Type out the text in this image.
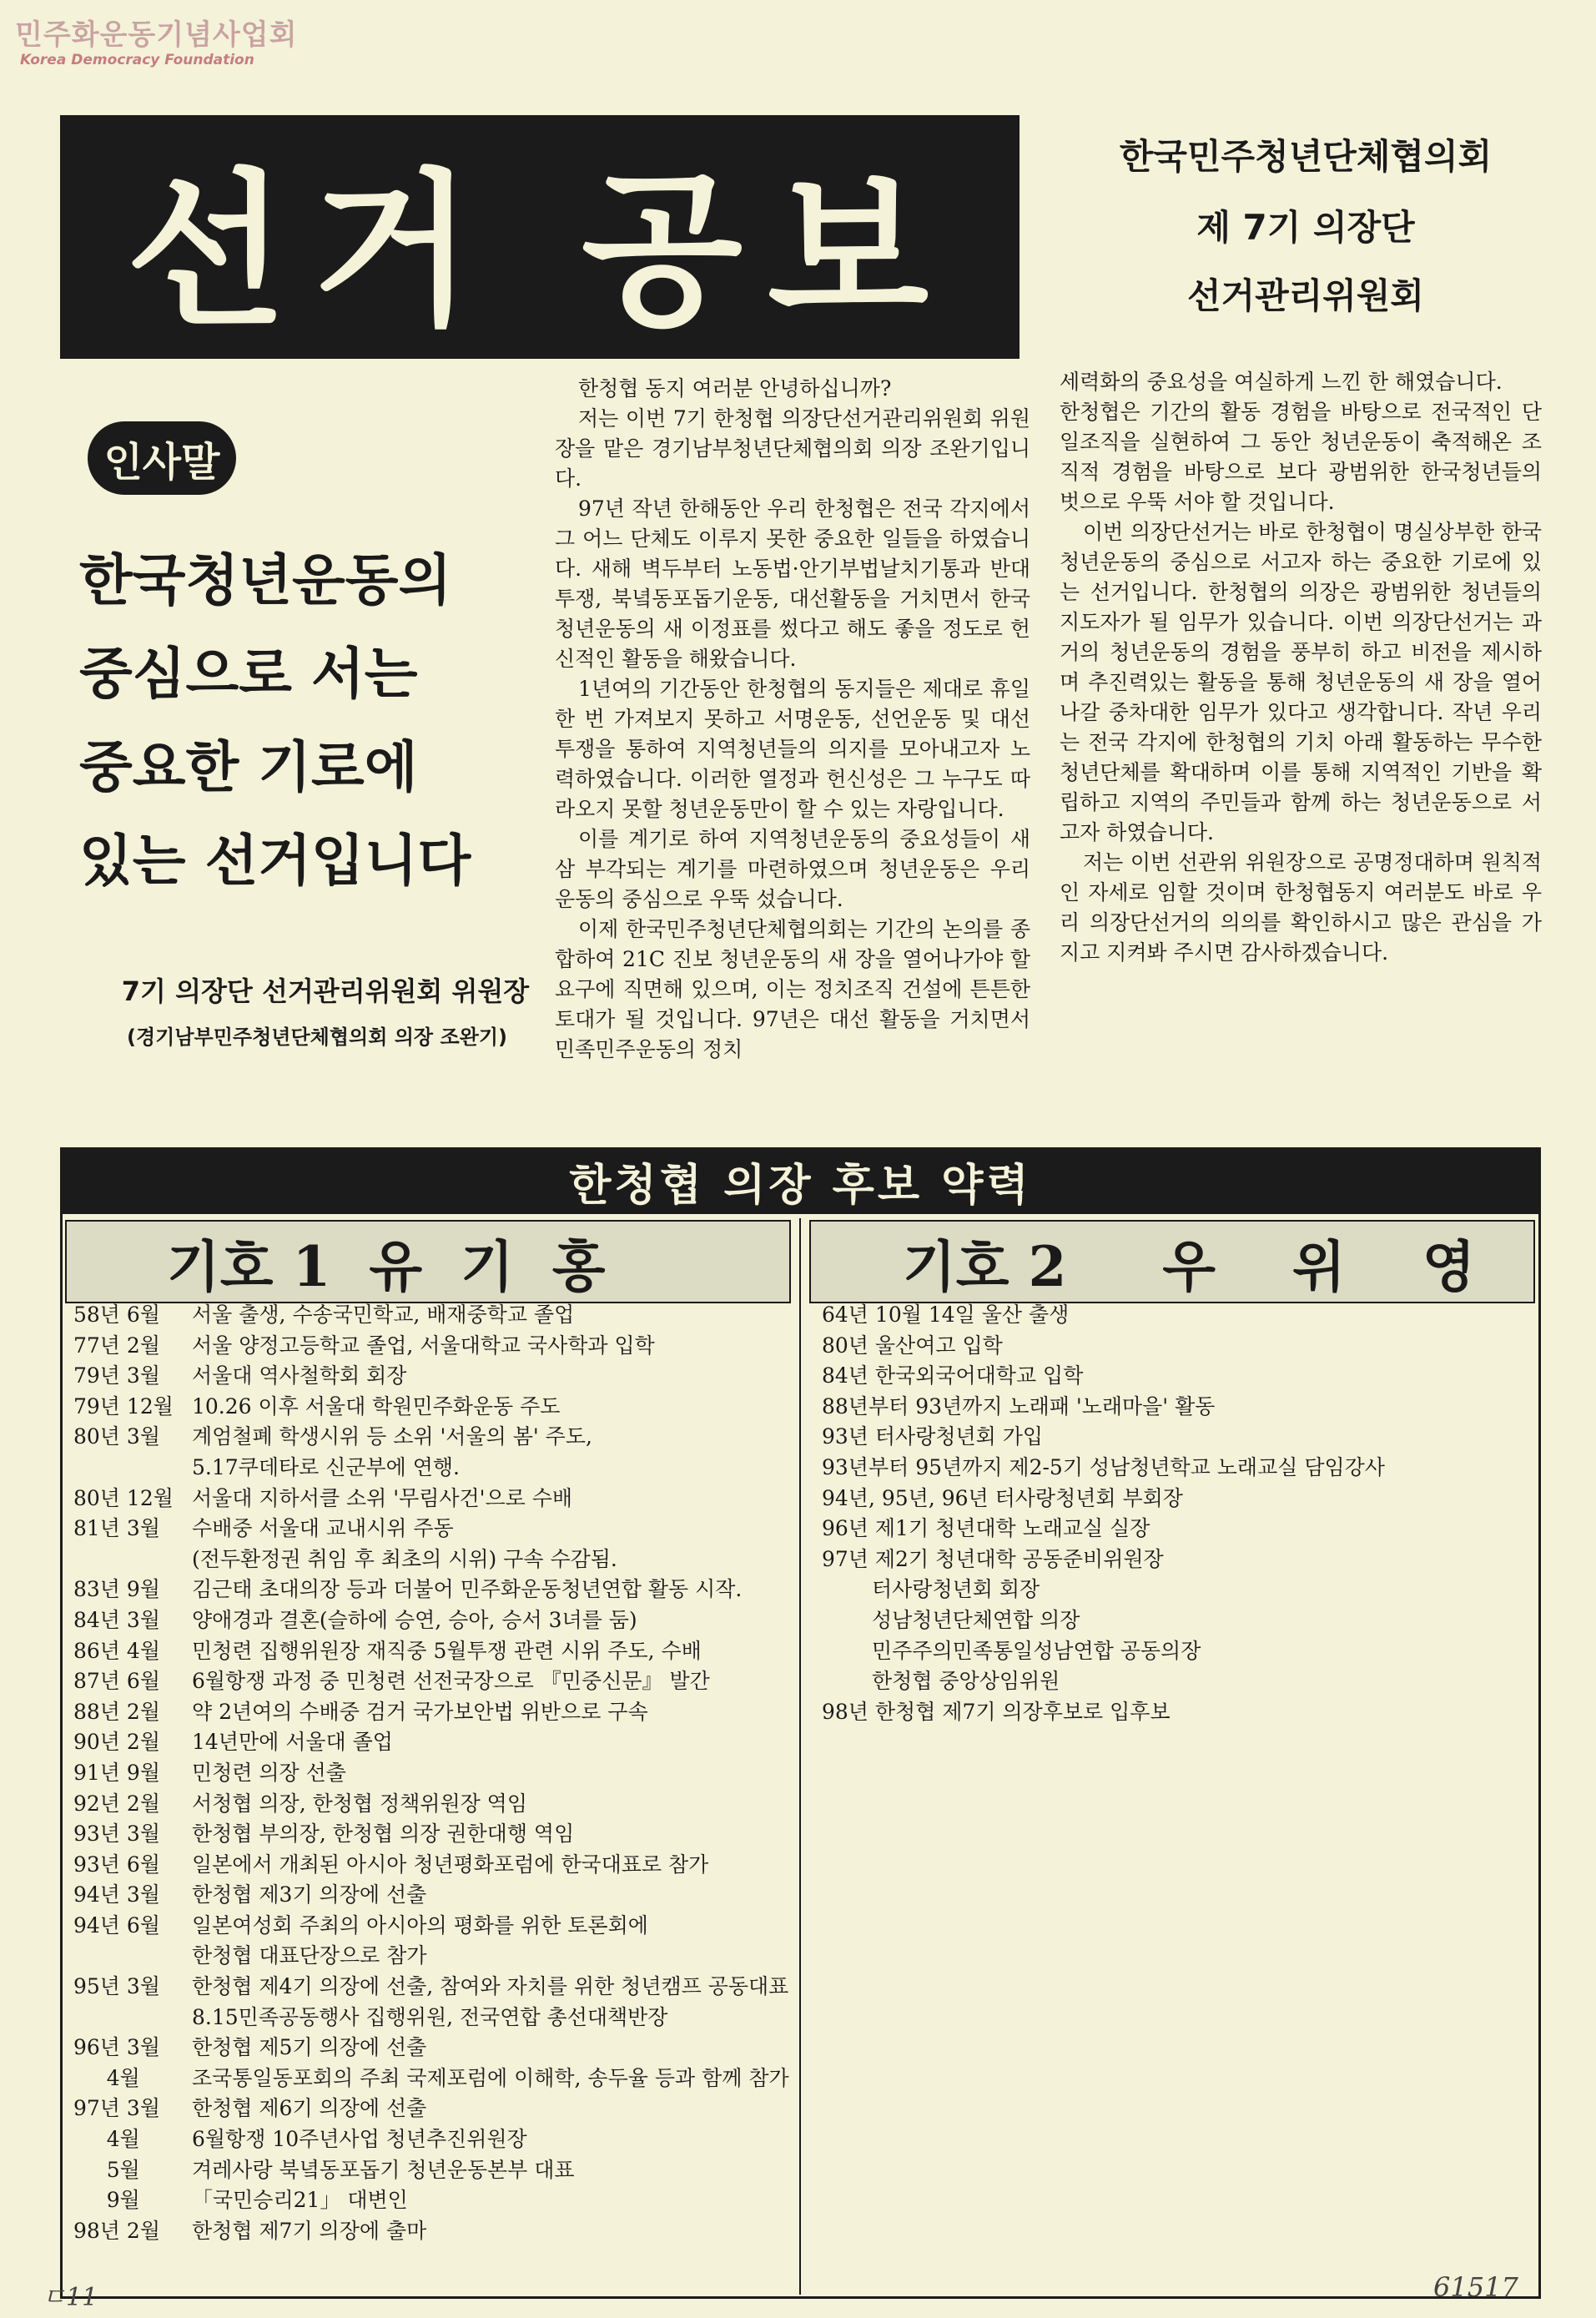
민주화운동기념사업회
Korea Democracy Foundation
선거 공보	한국민주청년단체협의회
제 7기 의장단
선거관리위원회
인사말
한국청년운동의
중심으로 서는
중요한 기로에
있는 선거입니다
7기 의장단 선거관리위원회 위원장
(경기남부민주청년단체협의회 의장 조완기)

한청협 동지 여러분 안녕하십니까?

저는 이번 7기 한청협 의장단선거관리위원회 위원장을 맡은 경기남부청년단체협의회 의장 조완기입니다.

97년 작년 한해동안 우리 한청협은 전국 각지에서 그 어느 단체도 이루지 못한 중요한 일들을 하였습니다. 새해 벽두부터 노동법·안기부법날치기통과 반대투쟁, 북녘동포돕기운동, 대선활동을 거치면서 한국청년운동의 새 이정표를 썼다고 해도 좋을 정도로 헌신적인 활동을 해왔습니다.

1년여의 기간동안 한청협의 동지들은 제대로 휴일 한 번 가져보지 못하고 서명운동, 선언운동 및 대선투쟁을 통하여 지역청년들의 의지를 모아내고자 노력하였습니다. 이러한 열정과 헌신성은 그 누구도 따라오지 못할 청년운동만이 할 수 있는 자랑입니다.

이를 계기로 하여 지역청년운동의 중요성들이 새삼 부각되는 계기를 마련하였으며 청년운동은 우리 운동의 중심으로 우뚝 섰습니다.

이제 한국민주청년단체협의회는 기간의 논의를 종합하여 21C 진보 청년운동의 새 장을 열어나가야 할 요구에 직면해 있으며, 이는 정치조직 건설에 튼튼한 토대가 될 것입니다. 97년은 대선 활동을 거치면서 민족민주운동의 정치

세력화의 중요성을 여실하게 느낀 한 해였습니다.

한청협은 기간의 활동 경험을 바탕으로 전국적인 단일조직을 실현하여 그 동안 청년운동이 축적해온 조직적 경험을 바탕으로 보다 광범위한 한국청년들의 벗으로 우뚝 서야 할 것입니다.

이번 의장단선거는 바로 한청협이 명실상부한 한국청년운동의 중심으로 서고자 하는 중요한 기로에 있는 선거입니다. 한청협의 의장은 광범위한 청년들의 지도자가 될 임무가 있습니다. 이번 의장단선거는 과거의 청년운동의 경험을 풍부히 하고 비전을 제시하며 추진력있는 활동을 통해 청년운동의 새 장을 열어나갈 중차대한 임무가 있다고 생각합니다. 작년 우리는 전국 각지에 한청협의 기치 아래 활동하는 무수한 청년단체를 확대하며 이를 통해 지역적인 기반을 확립하고 지역의 주민들과 함께 하는 청년운동으로 서고자 하였습니다.

저는 이번 선관위 위원장으로 공명정대하며 원칙적인 자세로 임할 것이며 한청협동지 여러분도 바로 우리 의장단선거의 의의를 확인하시고 많은 관심을 가지고 지켜봐 주시면 감사하겠습니다.

한청협 의장 후보 약력
기호 1  유  기  홍	기호 2     우    위    영
58년 6월	서울 출생, 수송국민학교, 배재중학교 졸업
77년 2월	서울 양정고등학교 졸업, 서울대학교 국사학과 입학
79년 3월	서울대 역사철학회 회장
79년 12월 10.26 이후 서울대 학원민주화운동 주도
80년 3월	계엄철폐 학생시위 등 소위 '서울의 봄' 주도,
5.17쿠데타로 신군부에 연행.
80년 12월 서울대 지하서클 소위 '무림사건'으로 수배
81년 3월	수배중 서울대 교내시위 주동
(전두환정권 취임 후 최초의 시위) 구속 수감됨.
83년 9월	김근태 초대의장 등과 더불어 민주화운동청년연합 활동 시작.
84년 3월	양애경과 결혼(슬하에 승연, 승아, 승서 3녀를 둠)
86년 4월	민청련 집행위원장 재직중 5월투쟁 관련 시위 주도, 수배
87년 6월	6월항쟁 과정 중 민청련 선전국장으로 『민중신문』 발간
88년 2월	약 2년여의 수배중 검거 국가보안법 위반으로 구속
90년 2월	14년만에 서울대 졸업
91년 9월	민청련 의장 선출
92년 2월	서청협 의장, 한청협 정책위원장 역임
93년 3월	한청협 부의장, 한청협 의장 권한대행 역임
93년 6월	일본에서 개최된 아시아 청년평화포럼에 한국대표로 참가
94년 3월	한청협 제3기 의장에 선출
94년 6월	일본여성회 주최의 아시아의 평화를 위한 토론회에
한청협 대표단장으로 참가
95년 3월	한청협 제4기 의장에 선출, 참여와 자치를 위한 청년캠프 공동대표
8.15민족공동행사 집행위원, 전국연합 총선대책반장
96년 3월	한청협 제5기 의장에 선출
4월	조국통일동포회의 주최 국제포럼에 이해학, 송두율 등과 함께 참가
97년 3월	한청협 제6기 의장에 선출
4월	6월항쟁 10주년사업 청년추진위원장
5월	겨레사랑 북녘동포돕기 청년운동본부 대표
9월	「국민승리21」 대변인
98년 2월	한청협 제7기 의장에 출마
64년 10월 14일 울산 출생
80년 울산여고 입학
84년 한국외국어대학교 입학
88년부터 93년까지 노래패 '노래마을' 활동
93년 터사랑청년회 가입
93년부터 95년까지 제2-5기 성남청년학교 노래교실 담임강사
94년, 95년, 96년 터사랑청년회 부회장
96년 제1기 청년대학 노래교실 실장
97년 제2기 청년대학 공동준비위원장
터사랑청년회 회장
성남청년단체연합 의장
민주주의민족통일성남연합 공동의장
한청협 중앙상임위원
98년 한청협 제7기 의장후보로 입후보
ㄷ11	61517
